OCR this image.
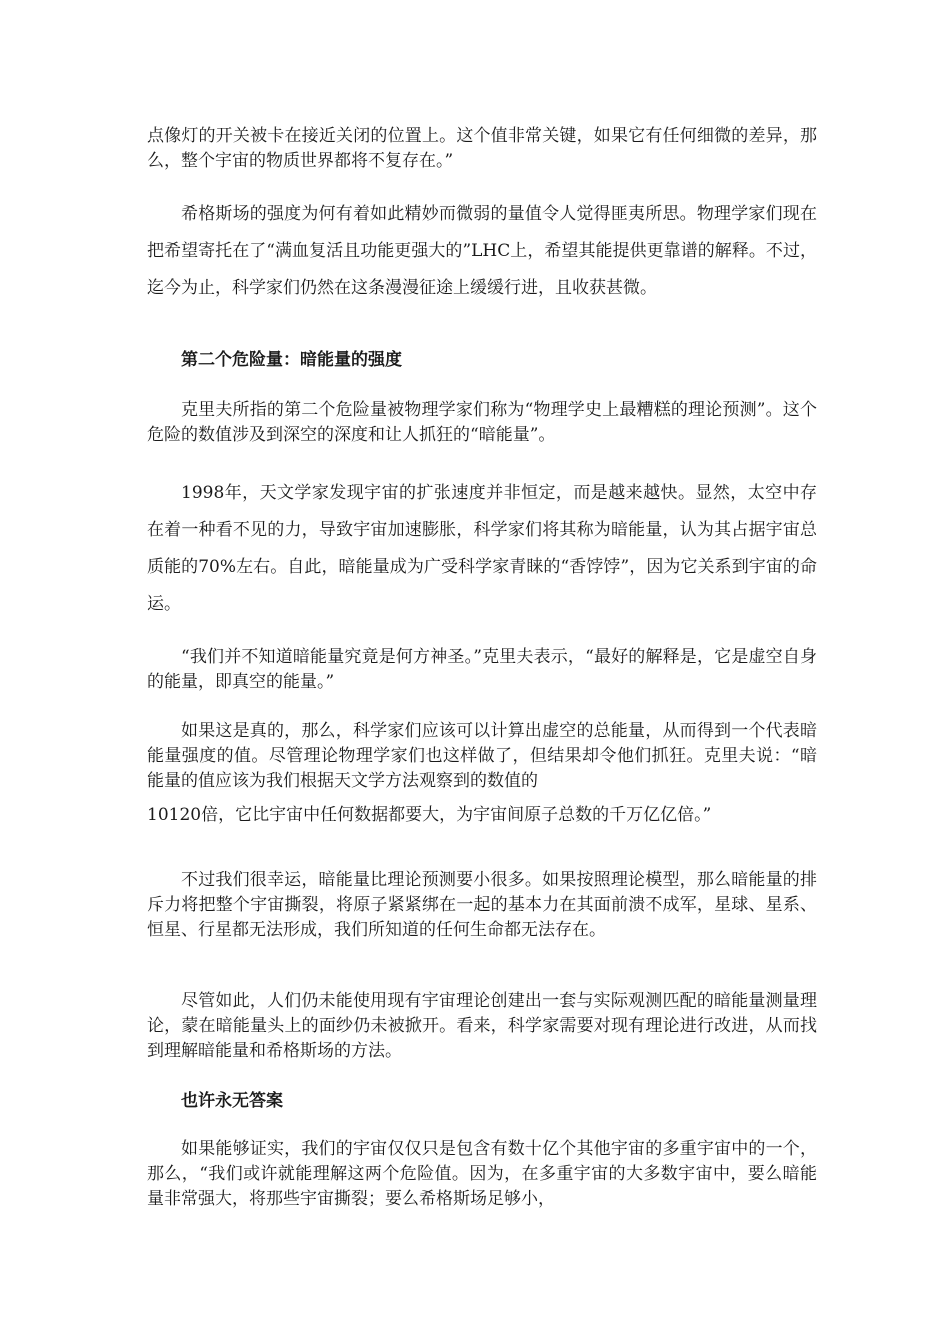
点像灯的开关被卡在接近关闭的位置上。这个值非常关键，如果它有任何细微的差异，那么，整个宇宙的物质世界都将不复存在。”

希格斯场的强度为何有着如此精妙而微弱的量值令人觉得匪夷所思。物理学家们现在把希望寄托在了“满血复活且功能更强大的”LHC上，希望其能提供更靠谱的解释。不过，迄今为止，科学家们仍然在这条漫漫征途上缓缓行进，且收获甚微。

第二个危险量：暗能量的强度

克里夫所指的第二个危险量被物理学家们称为“物理学史上最糟糕的理论预测”。这个危险的数值涉及到深空的深度和让人抓狂的“暗能量”。

1998年，天文学家发现宇宙的扩张速度并非恒定，而是越来越快。显然，太空中存在着一种看不见的力，导致宇宙加速膨胀，科学家们将其称为暗能量，认为其占据宇宙总质能的70%左右。自此，暗能量成为广受科学家青睐的“香饽饽”，因为它关系到宇宙的命运。

“我们并不知道暗能量究竟是何方神圣。”克里夫表示，“最好的解释是，它是虚空自身的能量，即真空的能量。”

如果这是真的，那么，科学家们应该可以计算出虚空的总能量，从而得到一个代表暗能量强度的值。尽管理论物理学家们也这样做了，但结果却令他们抓狂。克里夫说：“暗能量的值应该为我们根据天文学方法观察到的数值的

10120倍，它比宇宙中任何数据都要大，为宇宙间原子总数的千万亿亿倍。”

不过我们很幸运，暗能量比理论预测要小很多。如果按照理论模型，那么暗能量的排斥力将把整个宇宙撕裂，将原子紧紧绑在一起的基本力在其面前溃不成军，星球、星系、恒星、行星都无法形成，我们所知道的任何生命都无法存在。

尽管如此，人们仍未能使用现有宇宙理论创建出一套与实际观测匹配的暗能量测量理论，蒙在暗能量头上的面纱仍未被掀开。看来，科学家需要对现有理论进行改进，从而找到理解暗能量和希格斯场的方法。

也许永无答案

如果能够证实，我们的宇宙仅仅只是包含有数十亿个其他宇宙的多重宇宙中的一个，那么，“我们或许就能理解这两个危险值。因为，在多重宇宙的大多数宇宙中，要么暗能量非常强大，将那些宇宙撕裂；要么希格斯场足够小，
